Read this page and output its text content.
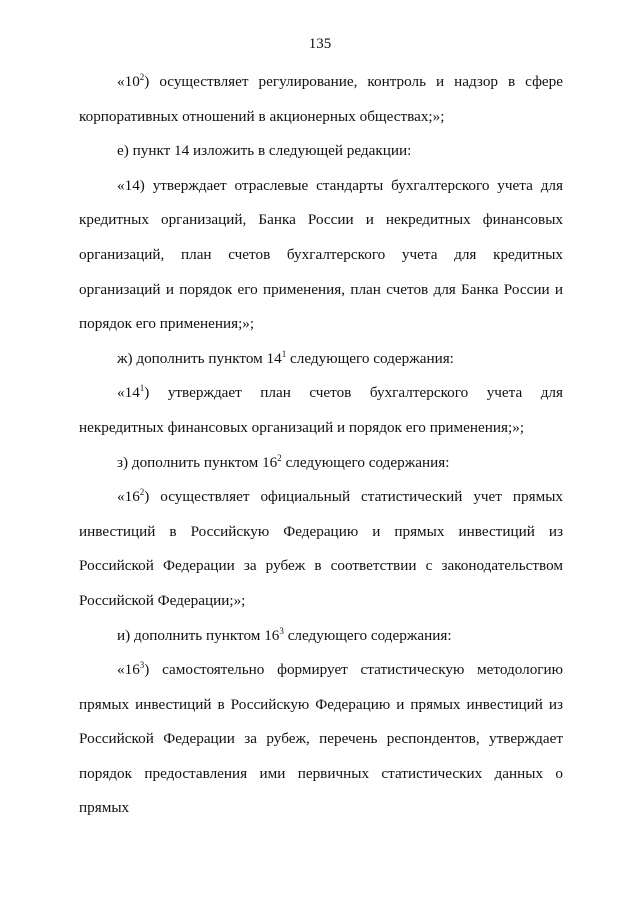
135

«$10^2$) осуществляет регулирование, контроль и надзор в сфере корпоративных отношений в акционерных обществах;»;

е) пункт 14 изложить в следующей редакции:

«14) утверждает отраслевые стандарты бухгалтерского учета для кредитных организаций, Банка России и некредитных финансовых организаций, план счетов бухгалтерского учета для кредитных организаций и порядок его применения, план счетов для Банка России и порядок его применения;»;

ж) дополнить пунктом $14^1$ следующего содержания:

«$14^1$) утверждает план счетов бухгалтерского учета для некредитных финансовых организаций и порядок его применения;»;

з) дополнить пунктом $16^2$ следующего содержания:

«$16^2$) осуществляет официальный статистический учет прямых инвестиций в Российскую Федерацию и прямых инвестиций из Российской Федерации за рубеж в соответствии с законодательством Российской Федерации;»;

и) дополнить пунктом $16^3$ следующего содержания:

«$16^3$) самостоятельно формирует статистическую методологию прямых инвестиций в Российскую Федерацию и прямых инвестиций из Российской Федерации за рубеж, перечень респондентов, утверждает порядок предоставления ими первичных статистических данных о прямых
